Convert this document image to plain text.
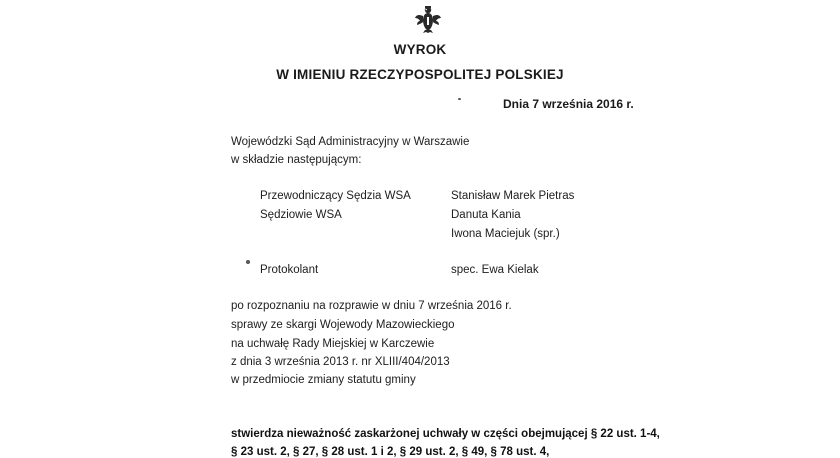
WYROK
W IMIENIU RZECZYPOSPOLITEJ POLSKIEJ
Dnia 7 września 2016 r.
Wojewódzki Sąd Administracyjny w Warszawie
w składzie następującym:
Przewodniczący Sędzia WSA	Stanisław Marek Pietras
Sędziowie WSA	Danuta Kania
Iwona Maciejuk (spr.)
Protokolant	spec. Ewa Kielak
po rozpoznaniu na rozprawie w dniu 7 września 2016 r.
sprawy ze skargi Wojewody Mazowieckiego
na uchwałę Rady Miejskiej w Karczewie
z dnia 3 września 2013 r. nr XLIII/404/2013
w przedmiocie zmiany statutu gminy
stwierdza nieważność zaskarżonej uchwały w części obejmującej § 22 ust. 1-4,
§ 23 ust. 2, § 27, § 28 ust. 1 i 2, § 29 ust. 2, § 49, § 78 ust. 4,
